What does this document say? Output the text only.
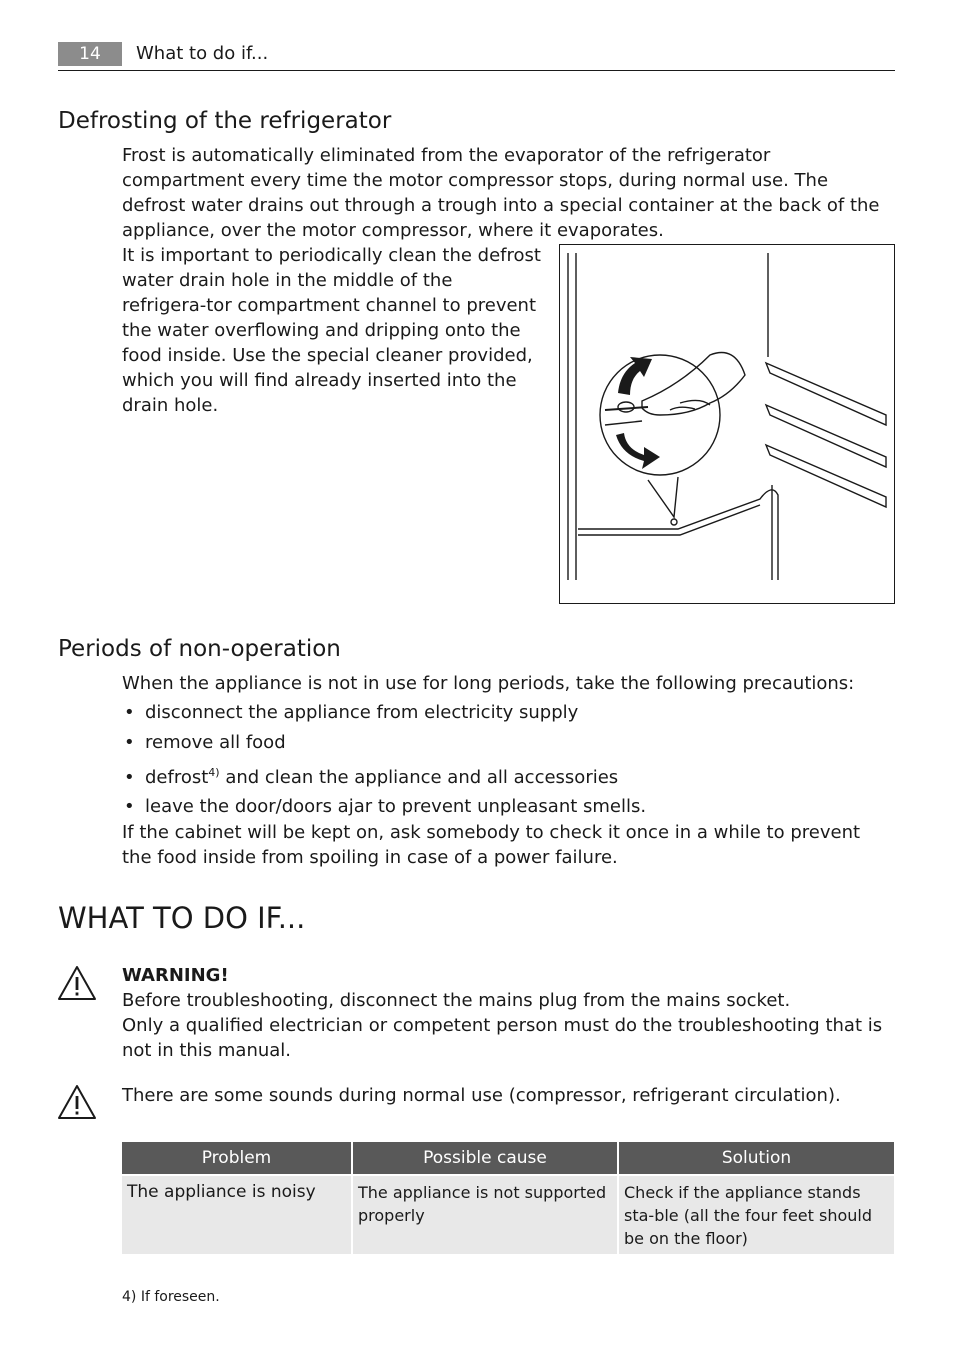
14	What to do if...
Defrosting of the refrigerator
Frost is automatically eliminated from the evaporator of the refrigerator compartment every time the motor compressor stops, during normal use. The defrost water drains out through a trough into a special container at the back of the appliance, over the motor compressor, where it evaporates.
It is important to periodically clean the defrost water drain hole in the middle of the refrigera-tor compartment channel to prevent the water overflowing and dripping onto the food inside. Use the special cleaner provided, which you will find already inserted into the drain hole.
Periods of non-operation
When the appliance is not in use for long periods, take the following precautions:
• disconnect the appliance from electricity supply
• remove all food
• defrost$^{4)}$ and clean the appliance and all accessories
• leave the door/doors ajar to prevent unpleasant smells.
If the cabinet will be kept on, ask somebody to check it once in a while to prevent the food inside from spoiling in case of a power failure.
WHAT TO DO IF...
WARNING!
Before troubleshooting, disconnect the mains plug from the mains socket.
Only a qualified electrician or competent person must do the troubleshooting that is not in this manual.
There are some sounds during normal use (compressor, refrigerant circulation).
Problem	Possible cause	Solution
The appliance is noisy	The appliance is not supported properly	Check if the appliance stands sta-ble (all the four feet should be on the floor)
4) If foreseen.
